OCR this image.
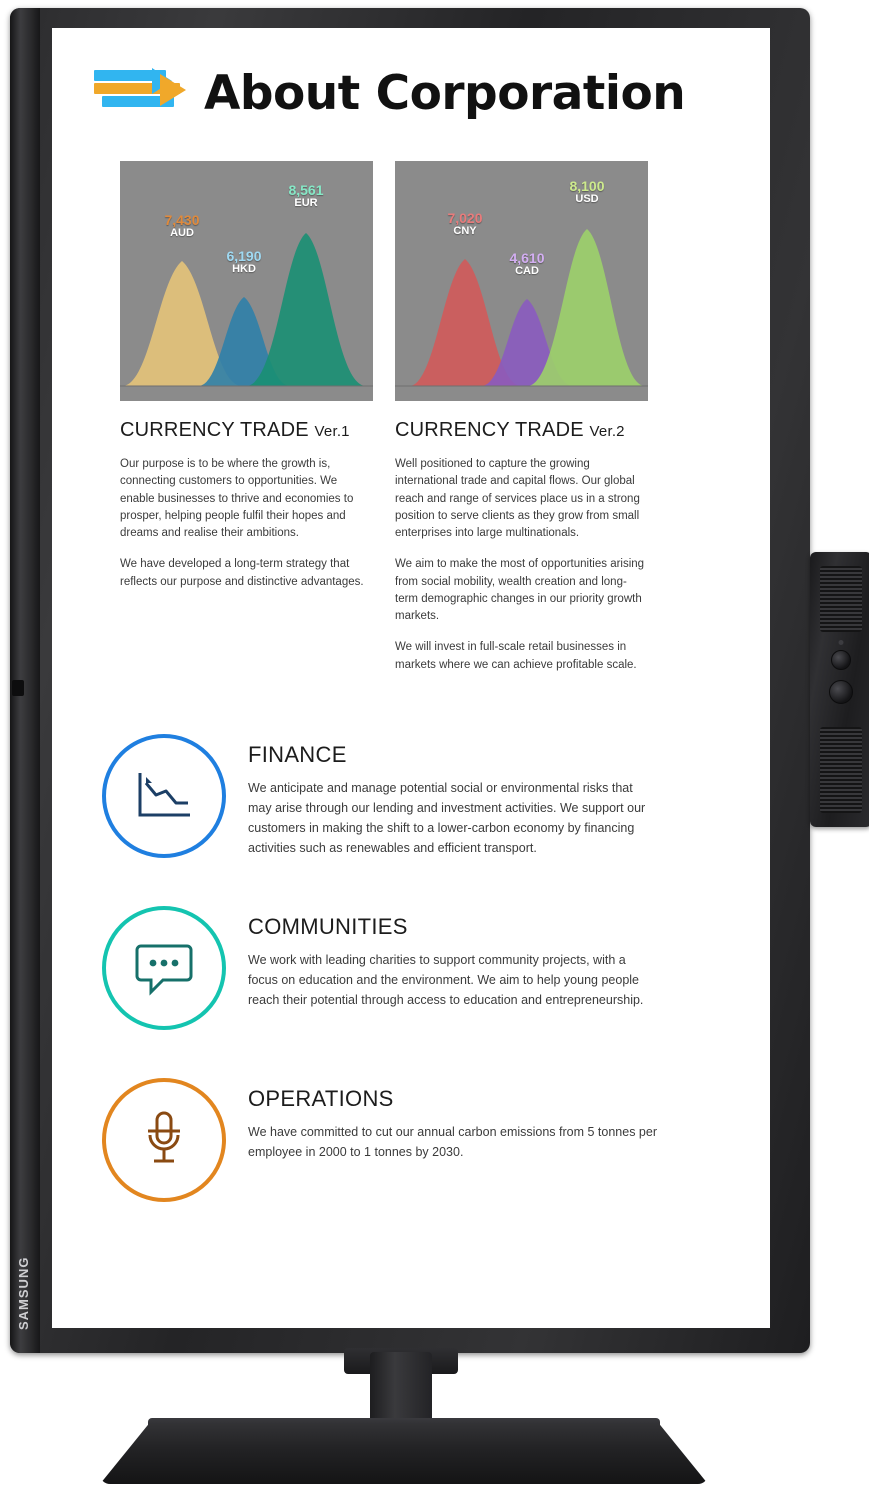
SAMSUNG
About Corporation
7,430
AUD
6,190
HKD
8,561
EUR
CURRENCY TRADE Ver.1

Our purpose is to be where the growth is, connecting customers to opportunities. We enable businesses to thrive and economies to prosper, helping people fulfil their hopes and dreams and realise their ambitions.

We have developed a long-term strategy that reflects our purpose and distinctive advantages.

7,020
CNY
4,610
CAD
8,100
USD
CURRENCY TRADE Ver.2

Well positioned to capture the growing international trade and capital flows. Our global reach and range of services place us in a strong position to serve clients as they grow from small enterprises into large multinationals.

We aim to make the most of opportunities arising from social mobility, wealth creation and long-term demographic changes in our priority growth markets.

We will invest in full-scale retail businesses in markets where we can achieve profitable scale.

FINANCE

We anticipate and manage potential social or environmental risks that may arise through our lending and investment activities. We support our customers in making the shift to a lower-carbon economy by financing activities such as renewables and efficient transport.

COMMUNITIES

We work with leading charities to support community projects, with a focus on education and the environment. We aim to help young people reach their potential through access to education and entrepreneurship.

OPERATIONS

We have committed to cut our annual carbon emissions from 5 tonnes per employee in 2000 to 1 tonnes by 2030.
